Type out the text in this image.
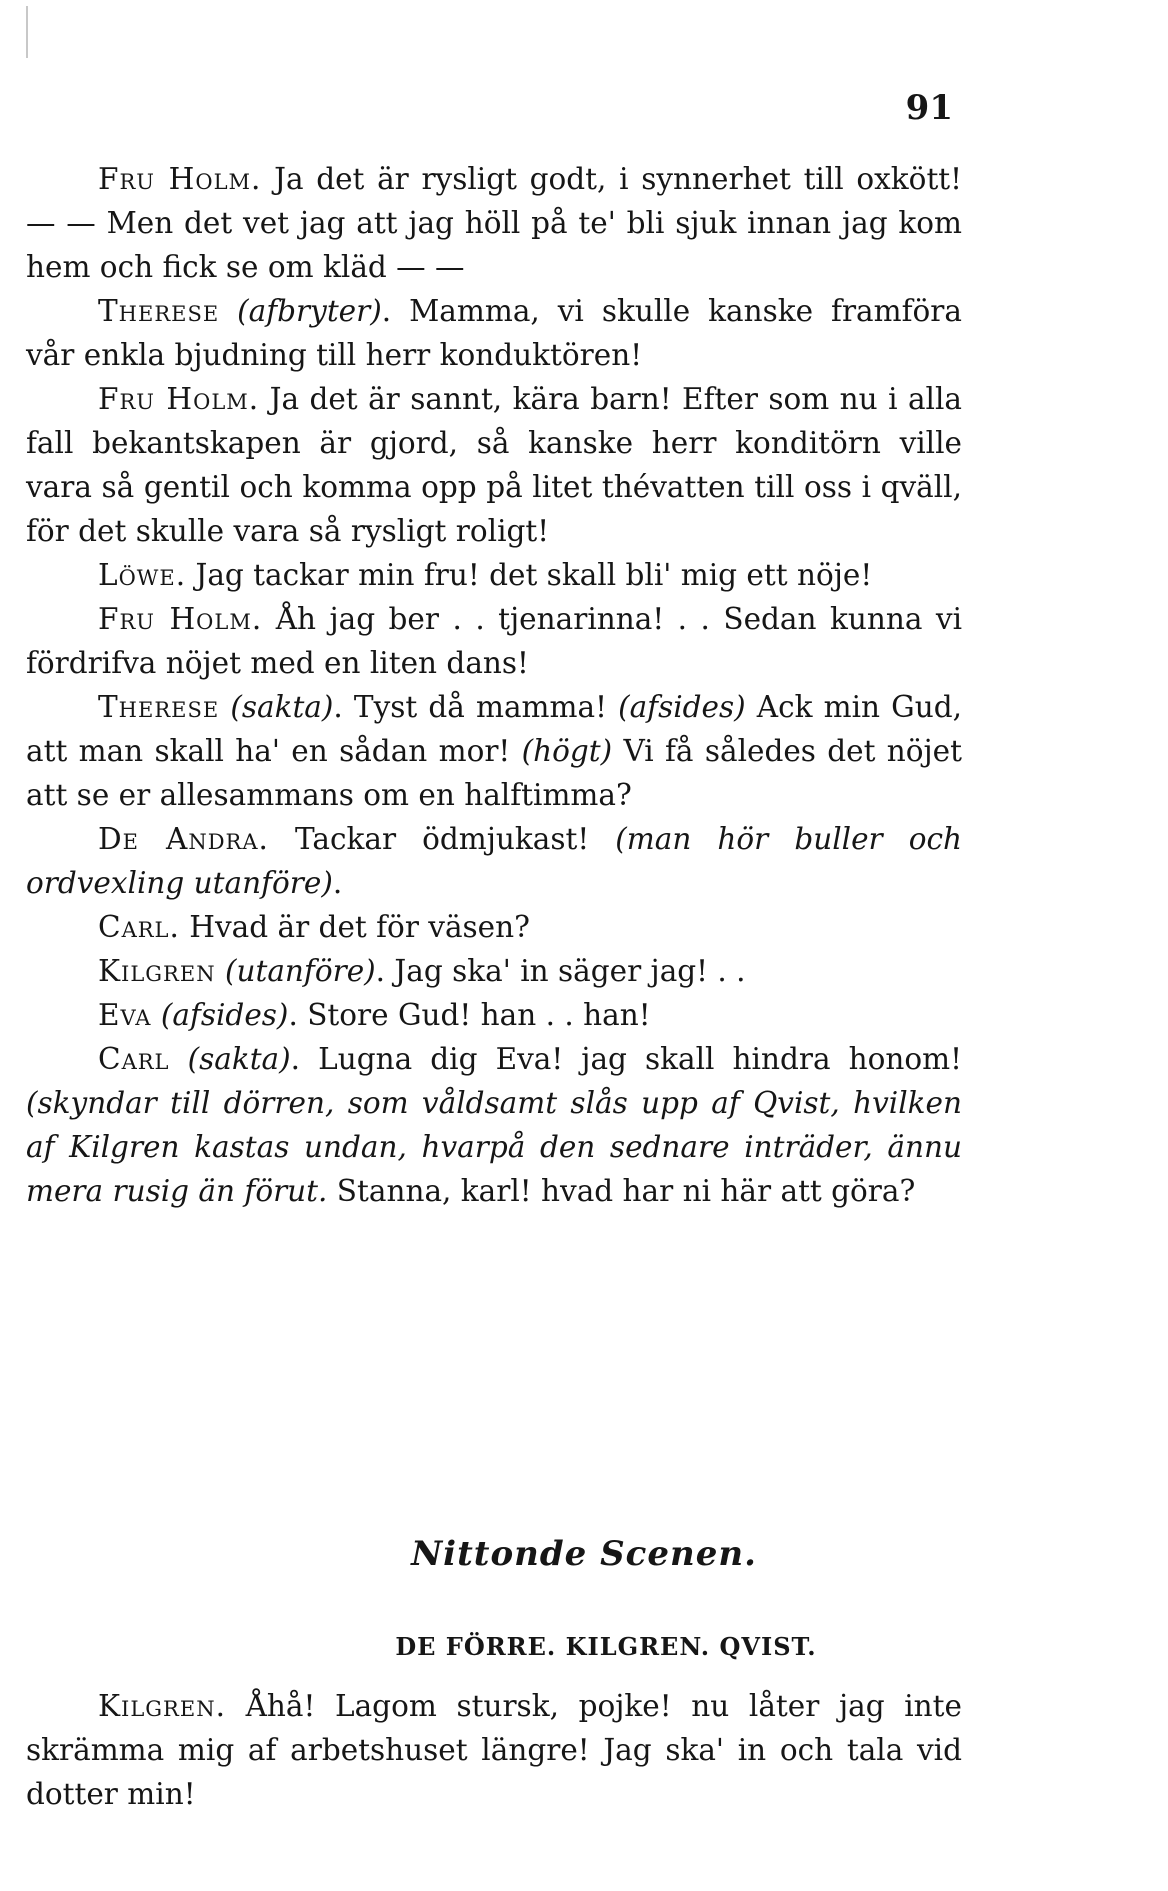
91

Fru Holm. Ja det är rysligt godt, i synnerhet till oxkött! — — Men det vet jag att jag höll på te' bli sjuk innan jag kom hem och fick se om kläd — —

Therese (afbryter). Mamma, vi skulle kanske framföra vår enkla bjudning till herr konduktören!

Fru Holm. Ja det är sannt, kära barn! Efter som nu i alla fall bekantskapen är gjord, så kanske herr konditörn ville vara så gentil och komma opp på litet thévatten till oss i qväll, för det skulle vara så rysligt roligt!

Löwe. Jag tackar min fru! det skall bli' mig ett nöje!

Fru Holm. Åh jag ber . . tjenarinna! . . Sedan kunna vi fördrifva nöjet med en liten dans!

Therese (sakta). Tyst då mamma! (afsides) Ack min Gud, att man skall ha' en sådan mor! (högt) Vi få således det nöjet att se er allesammans om en halftimma?

De Andra. Tackar ödmjukast! (man hör buller och ordvexling utanföre).

Carl. Hvad är det för väsen?

Kilgren (utanföre). Jag ska' in säger jag! . .

Eva (afsides). Store Gud! han . . han!

Carl (sakta). Lugna dig Eva! jag skall hindra honom! (skyndar till dörren, som våldsamt slås upp af Qvist, hvilken af Kilgren kastas undan, hvarpå den sednare inträder, ännu mera rusig än förut. Stanna, karl! hvad har ni här att göra?

Nittonde Scenen.

DE FÖRRE. KILGREN. QVIST.

Kilgren. Åhå! Lagom stursk, pojke! nu låter jag inte skrämma mig af arbetshuset längre! Jag ska' in och tala vid dotter min!
